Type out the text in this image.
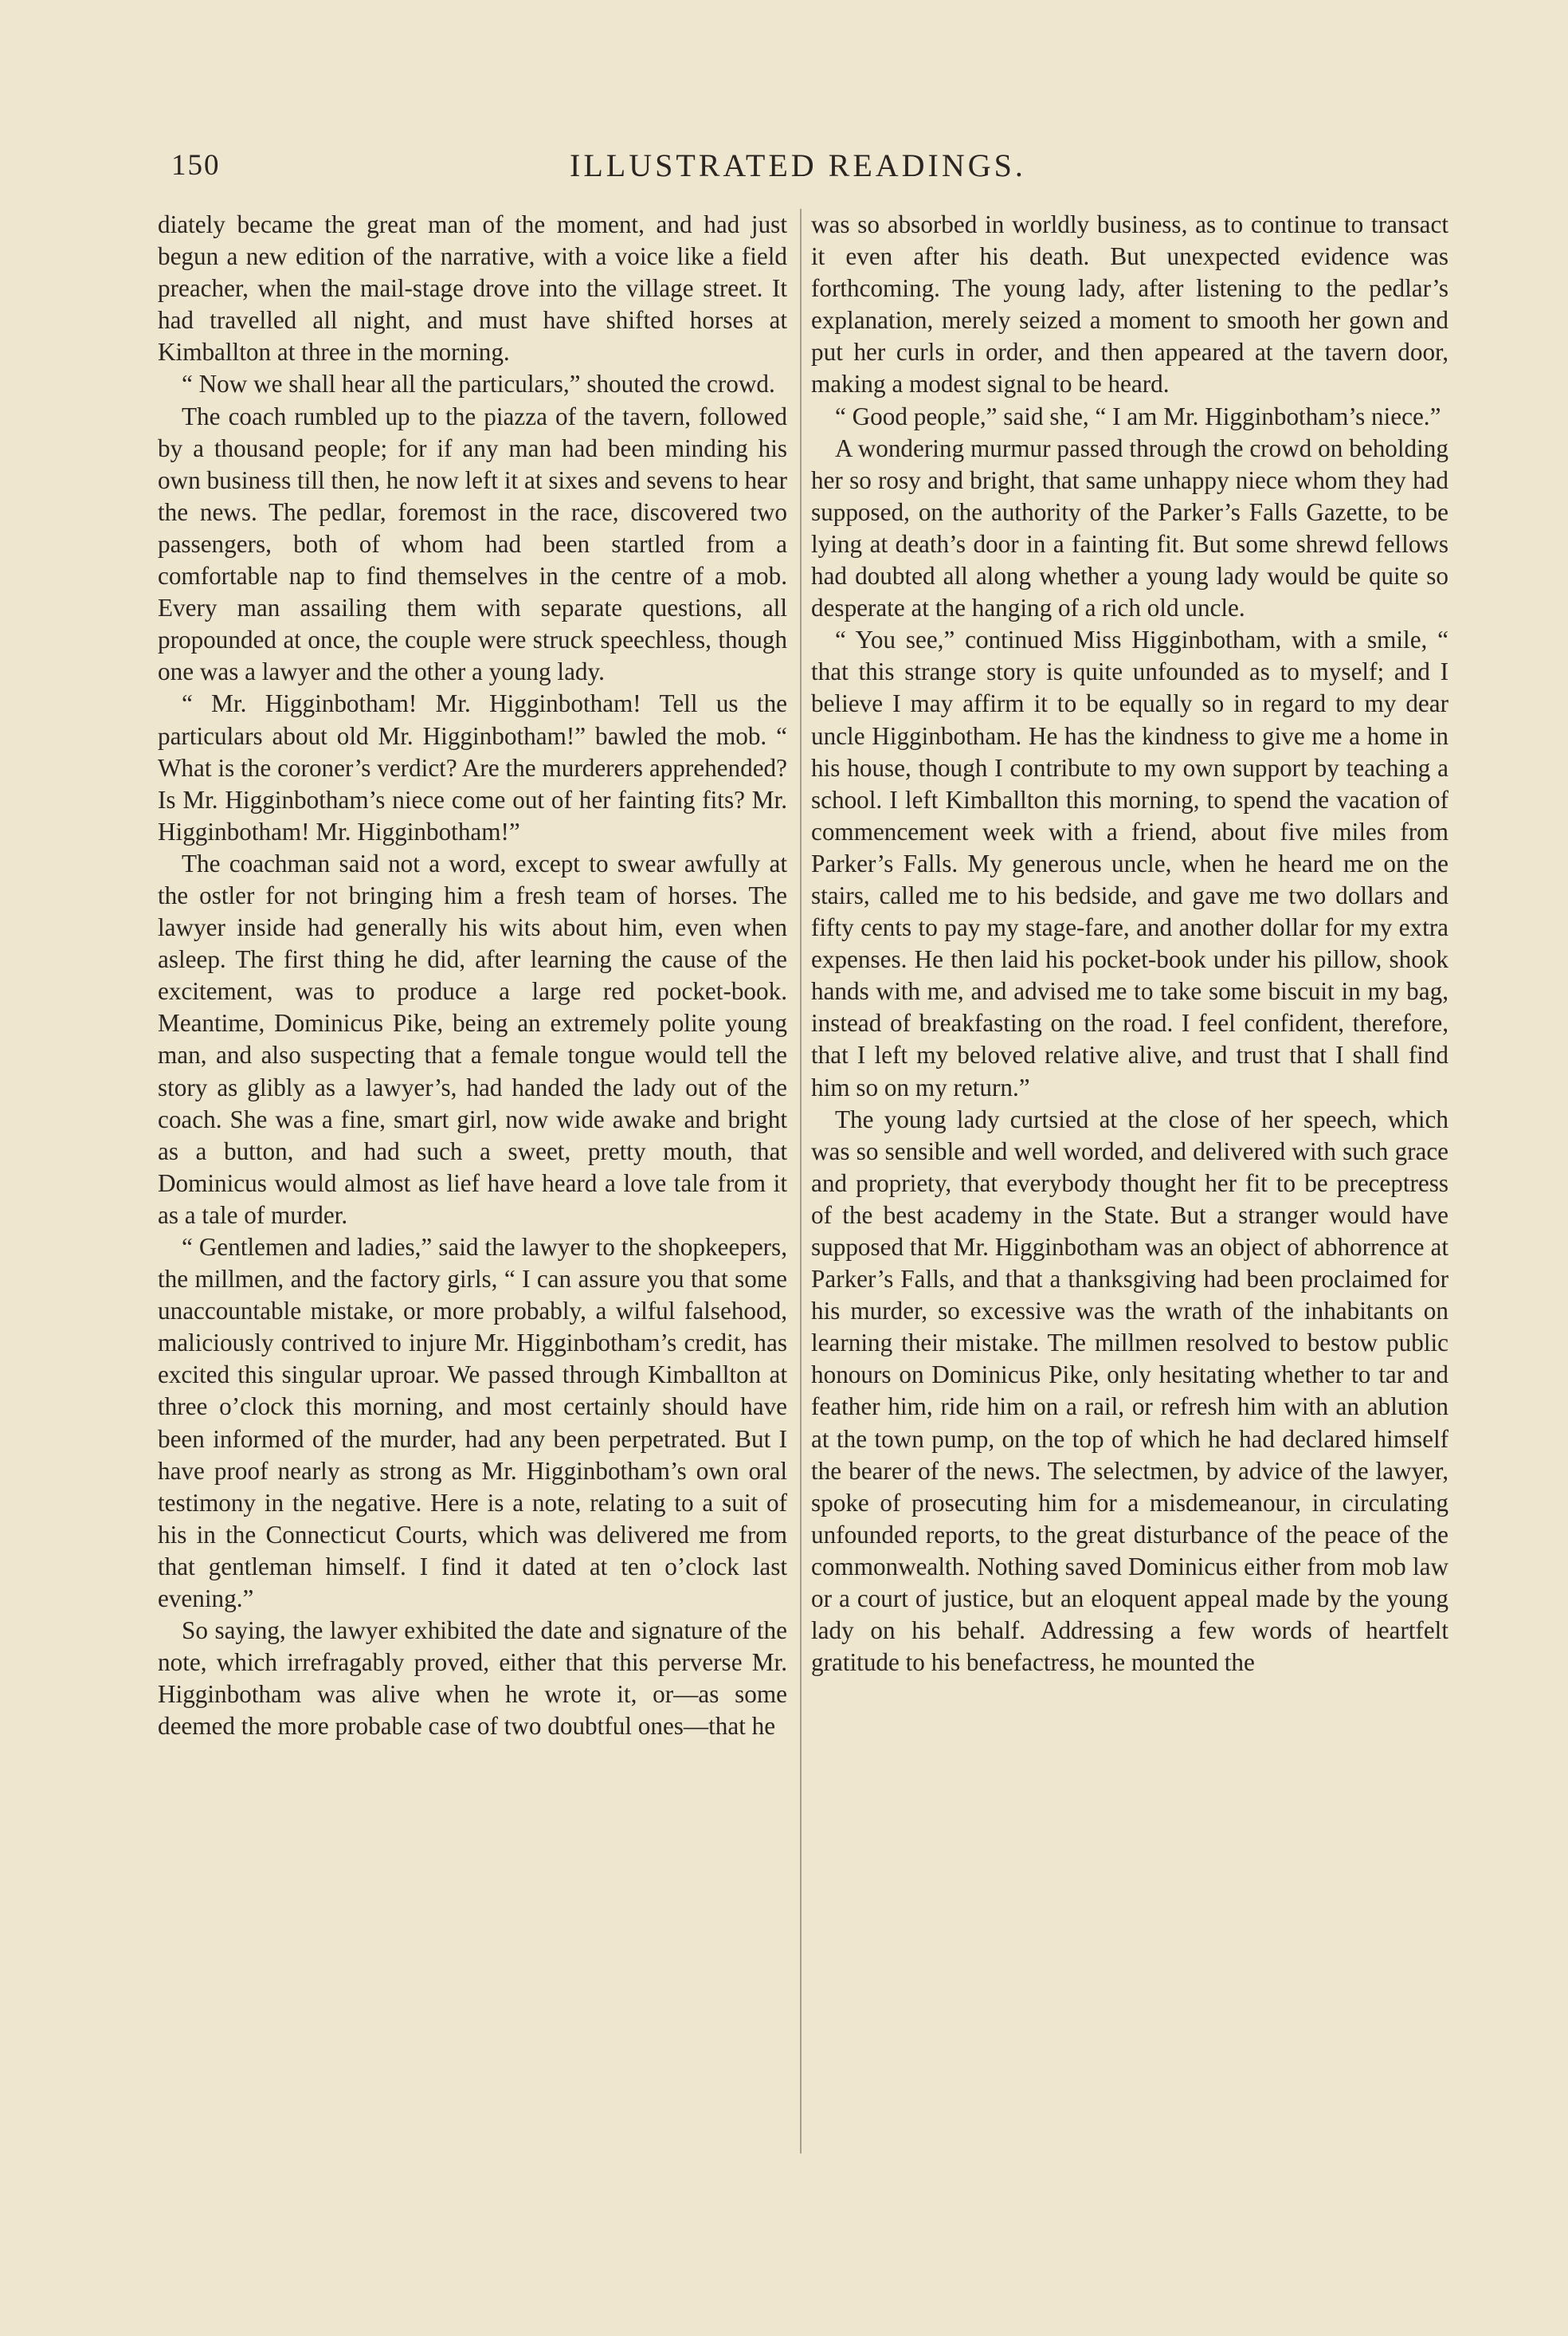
150	ILLUSTRATED READINGS.

diately became the great man of the moment, and had just begun a new edition of the narrative, with a voice like a field preacher, when the mail-stage drove into the village street. It had travelled all night, and must have shifted horses at Kimballton at three in the morning.

“ Now we shall hear all the particulars,” shouted the crowd.

The coach rumbled up to the piazza of the tavern, followed by a thousand people; for if any man had been minding his own business till then, he now left it at sixes and sevens to hear the news. The pedlar, foremost in the race, discovered two passengers, both of whom had been startled from a comfortable nap to find themselves in the centre of a mob. Every man assailing them with separate questions, all propounded at once, the couple were struck speechless, though one was a lawyer and the other a young lady.

“ Mr. Higginbotham! Mr. Higginbotham! Tell us the particulars about old Mr. Higginbotham!” bawled the mob. “ What is the coroner’s verdict? Are the murderers apprehended? Is Mr. Higginbotham’s niece come out of her fainting fits? Mr. Higginbotham! Mr. Higginbotham!”

The coachman said not a word, except to swear awfully at the ostler for not bringing him a fresh team of horses. The lawyer inside had generally his wits about him, even when asleep. The first thing he did, after learning the cause of the excitement, was to produce a large red pocket-book. Meantime, Dominicus Pike, being an extremely polite young man, and also suspecting that a female tongue would tell the story as glibly as a lawyer’s, had handed the lady out of the coach. She was a fine, smart girl, now wide awake and bright as a button, and had such a sweet, pretty mouth, that Dominicus would almost as lief have heard a love tale from it as a tale of murder.

“ Gentlemen and ladies,” said the lawyer to the shopkeepers, the millmen, and the factory girls, “ I can assure you that some unaccountable mistake, or more probably, a wilful falsehood, maliciously contrived to injure Mr. Higginbotham’s credit, has excited this singular uproar. We passed through Kimballton at three o’clock this morning, and most certainly should have been informed of the murder, had any been perpetrated. But I have proof nearly as strong as Mr. Higginbotham’s own oral testimony in the negative. Here is a note, relating to a suit of his in the Connecticut Courts, which was delivered me from that gentleman himself. I find it dated at ten o’clock last evening.”

So saying, the lawyer exhibited the date and signature of the note, which irrefragably proved, either that this perverse Mr. Higginbotham was alive when he wrote it, or—as some deemed the more probable case of two doubtful ones—that he

was so absorbed in worldly business, as to continue to transact it even after his death. But unexpected evidence was forthcoming. The young lady, after listening to the pedlar’s explanation, merely seized a moment to smooth her gown and put her curls in order, and then appeared at the tavern door, making a modest signal to be heard.

“ Good people,” said she, “ I am Mr. Higginbotham’s niece.”

A wondering murmur passed through the crowd on beholding her so rosy and bright, that same unhappy niece whom they had supposed, on the authority of the Parker’s Falls Gazette, to be lying at death’s door in a fainting fit. But some shrewd fellows had doubted all along whether a young lady would be quite so desperate at the hanging of a rich old uncle.

“ You see,” continued Miss Higginbotham, with a smile, “ that this strange story is quite unfounded as to myself; and I believe I may affirm it to be equally so in regard to my dear uncle Higginbotham. He has the kindness to give me a home in his house, though I contribute to my own support by teaching a school. I left Kimballton this morning, to spend the vacation of commencement week with a friend, about five miles from Parker’s Falls. My generous uncle, when he heard me on the stairs, called me to his bedside, and gave me two dollars and fifty cents to pay my stage-fare, and another dollar for my extra expenses. He then laid his pocket-book under his pillow, shook hands with me, and advised me to take some biscuit in my bag, instead of breakfasting on the road. I feel confident, therefore, that I left my beloved relative alive, and trust that I shall find him so on my return.”

The young lady curtsied at the close of her speech, which was so sensible and well worded, and delivered with such grace and propriety, that everybody thought her fit to be preceptress of the best academy in the State. But a stranger would have supposed that Mr. Higginbotham was an object of abhorrence at Parker’s Falls, and that a thanksgiving had been proclaimed for his murder, so excessive was the wrath of the inhabitants on learning their mistake. The millmen resolved to bestow public honours on Dominicus Pike, only hesitating whether to tar and feather him, ride him on a rail, or refresh him with an ablution at the town pump, on the top of which he had declared himself the bearer of the news. The selectmen, by advice of the lawyer, spoke of prosecuting him for a misdemeanour, in circulating unfounded reports, to the great disturbance of the peace of the commonwealth. Nothing saved Dominicus either from mob law or a court of justice, but an eloquent appeal made by the young lady on his behalf. Addressing a few words of heartfelt gratitude to his benefactress, he mounted the
